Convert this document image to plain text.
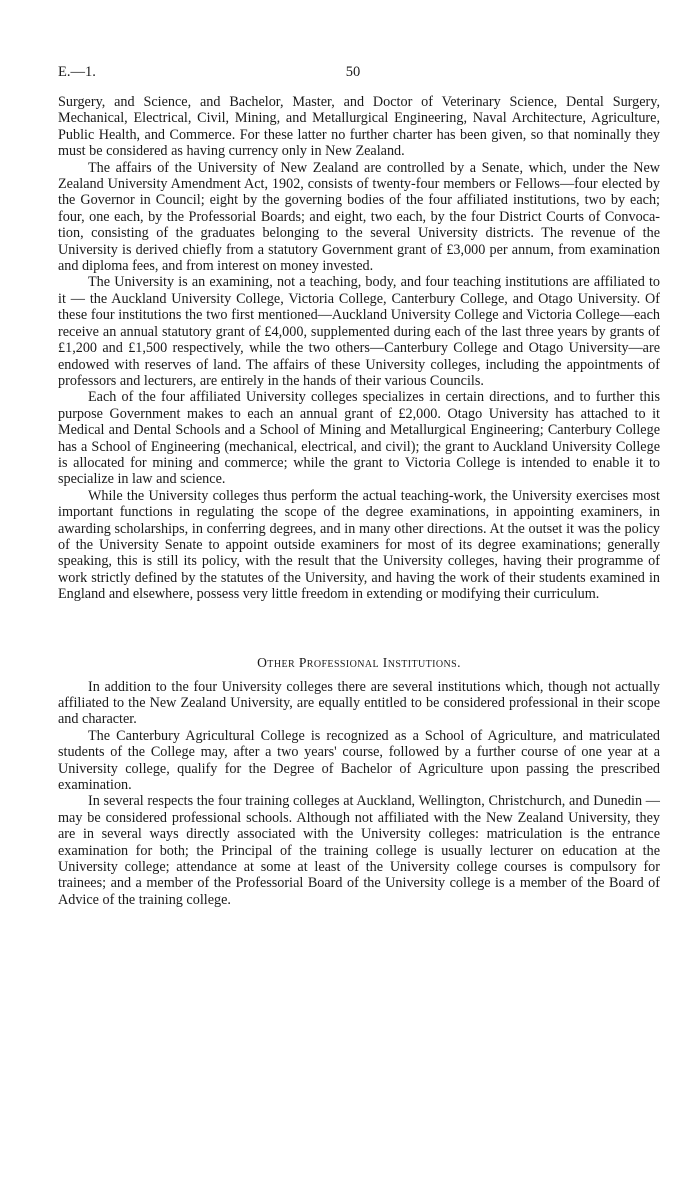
E.—1.	50

Surgery, and Science, and Bachelor, Master, and Doctor of Veterinary Science, Dental Surgery, Mechanical, Electrical, Civil, Mining, and Metallurgical Engineering, Naval Architecture, Agriculture, Public Health, and Commerce. For these latter no further charter has been given, so that nominally they must be considered as having currency only in New Zealand.

The affairs of the University of New Zealand are controlled by a Senate, which, under the New Zealand University Amendment Act, 1902, consists of twenty-four members or Fellows—four elected by the Governor in Council; eight by the governing bodies of the four affiliated institutions, two by each; four, one each, by the Professorial Boards; and eight, two each, by the four District Courts of Convocation, consisting of the graduates belonging to the several University districts. The revenue of the University is derived chiefly from a statutory Government grant of £3,000 per annum, from examination and diploma fees, and from interest on money invested.

The University is an examining, not a teaching, body, and four teaching institutions are affiliated to it — the Auckland University College, Victoria College, Canterbury College, and Otago University. Of these four institutions the two first mentioned—Auckland University College and Victoria College—each receive an annual statutory grant of £4,000, supplemented during each of the last three years by grants of £1,200 and £1,500 respectively, while the two others—Canterbury College and Otago University—are endowed with reserves of land. The affairs of these University colleges, including the appointments of professors and lecturers, are entirely in the hands of their various Councils.

Each of the four affiliated University colleges specializes in certain directions, and to further this purpose Government makes to each an annual grant of £2,000. Otago University has attached to it Medical and Dental Schools and a School of Mining and Metallurgical Engineering; Canterbury College has a School of Engineering (mechanical, electrical, and civil); the grant to Auckland University College is allocated for mining and commerce; while the grant to Victoria College is intended to enable it to specialize in law and science.

While the University colleges thus perform the actual teaching-work, the University exercises most important functions in regulating the scope of the degree examinations, in appointing examiners, in awarding scholarships, in conferring degrees, and in many other directions. At the outset it was the policy of the University Senate to appoint outside examiners for most of its degree examinations; generally speaking, this is still its policy, with the result that the University colleges, having their programme of work strictly defined by the statutes of the University, and having the work of their students examined in England and elsewhere, possess very little freedom in extending or modifying their curriculum.

Other Professional Institutions.

In addition to the four University colleges there are several institutions which, though not actually affiliated to the New Zealand University, are equally entitled to be considered professional in their scope and character.

The Canterbury Agricultural College is recognized as a School of Agriculture, and matriculated students of the College may, after a two years' course, followed by a further course of one year at a University college, qualify for the Degree of Bachelor of Agriculture upon passing the prescribed examination.

In several respects the four training colleges at Auckland, Wellington, Christchurch, and Dunedin — may be considered professional schools. Although not affiliated with the New Zealand University, they are in several ways directly associated with the University colleges: matriculation is the entrance examination for both; the Principal of the training college is usually lecturer on education at the University college; attendance at some at least of the University college courses is compulsory for trainees; and a member of the Professorial Board of the University college is a member of the Board of Advice of the training college.
